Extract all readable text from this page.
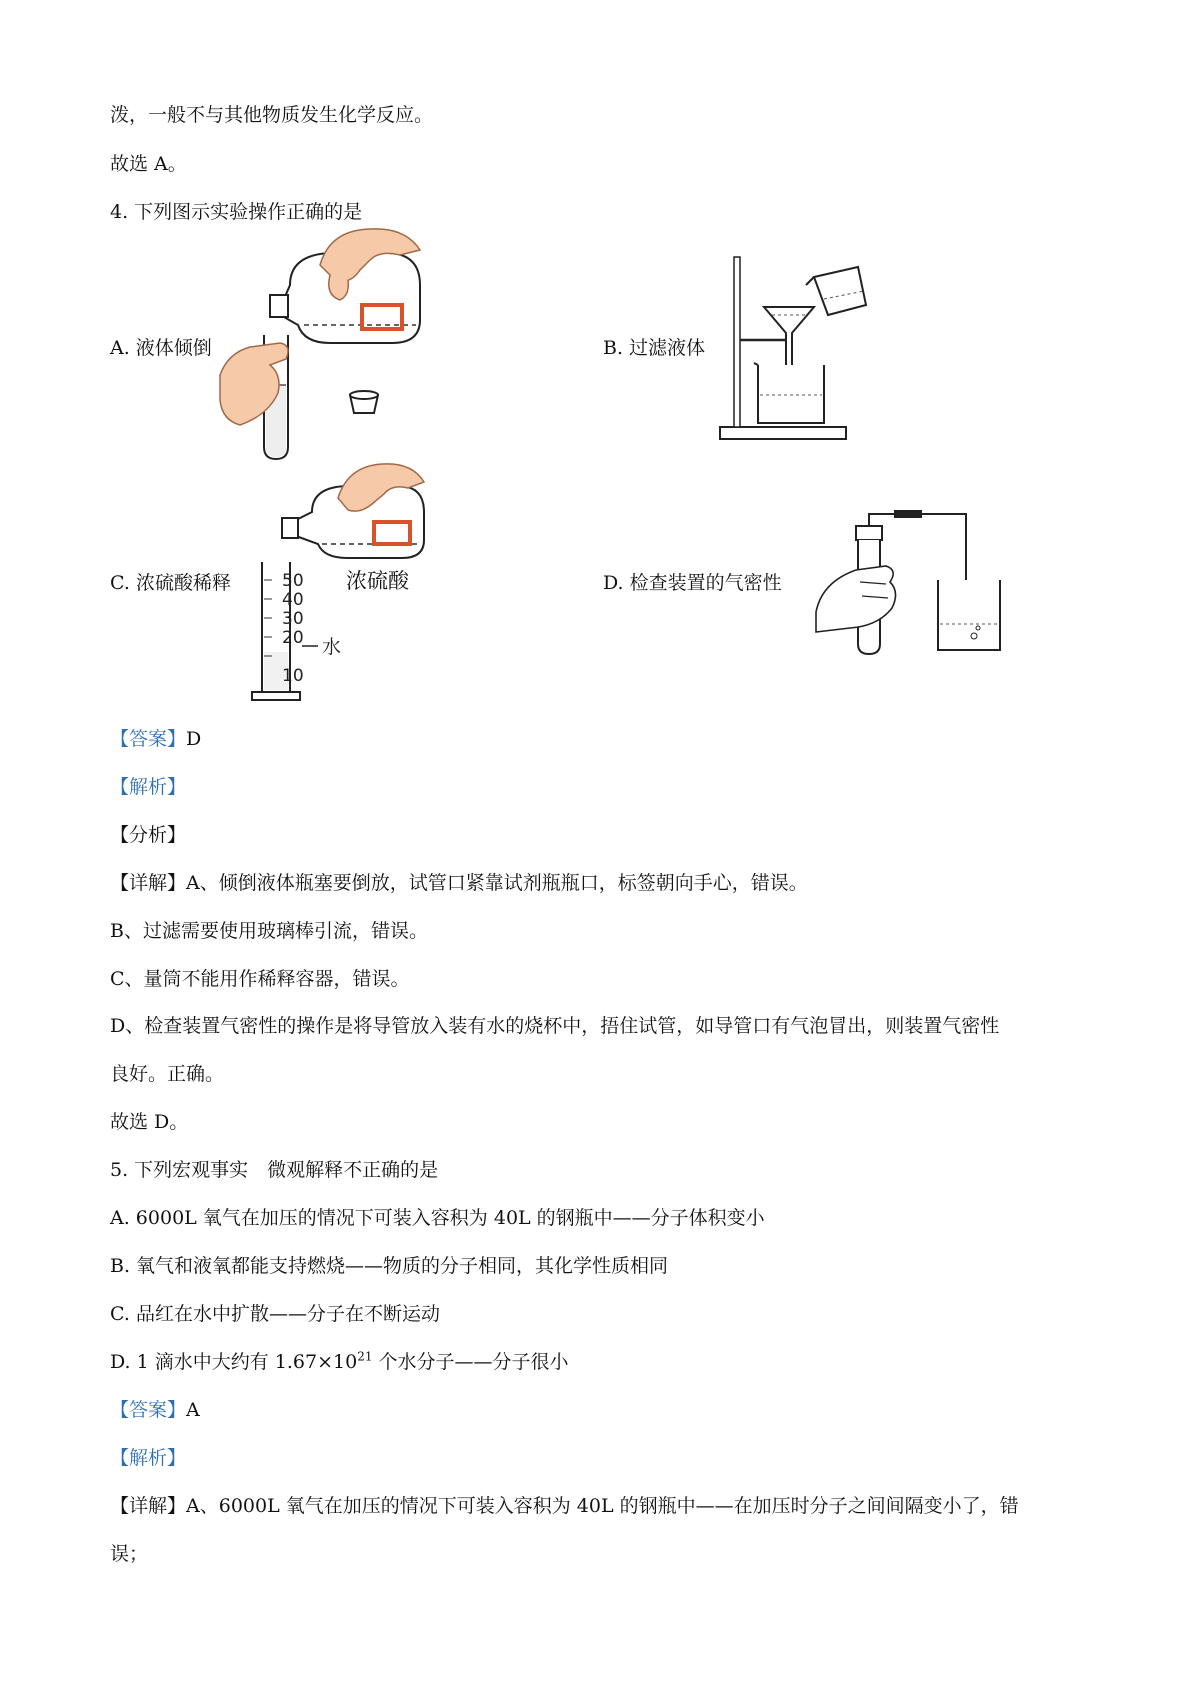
泼，一般不与其他物质发生化学反应。
故选 A。
4. 下列图示实验操作正确的是
A. 液体倾倒	B. 过滤液体
C. 浓硫酸稀释	D. 检查装置的气密性
50
40
30
20
10
水
浓硫酸
【答案】D
【解析】
【分析】
【详解】A、倾倒液体瓶塞要倒放，试管口紧靠试剂瓶瓶口，标签朝向手心，错误。
B、过滤需要使用玻璃棒引流，错误。
C、量筒不能用作稀释容器，错误。
D、检查装置气密性的操作是将导管放入装有水的烧杯中，捂住试管，如导管口有气泡冒出，则装置气密性
良好。正确。
故选 D。
5. 下列宏观事实　微观解释不正确的是
A. 6000L 氧气在加压的情况下可装入容积为 40L 的钢瓶中——分子体积变小
B. 氧气和液氧都能支持燃烧——物质的分子相同，其化学性质相同
C. 品红在水中扩散——分子在不断运动
D. 1 滴水中大约有 $1.67\times 10^{21}$ 个水分子——分子很小
【答案】A
【解析】
【详解】A、6000L 氧气在加压的情况下可装入容积为 40L 的钢瓶中——在加压时分子之间间隔变小了，错
误；
